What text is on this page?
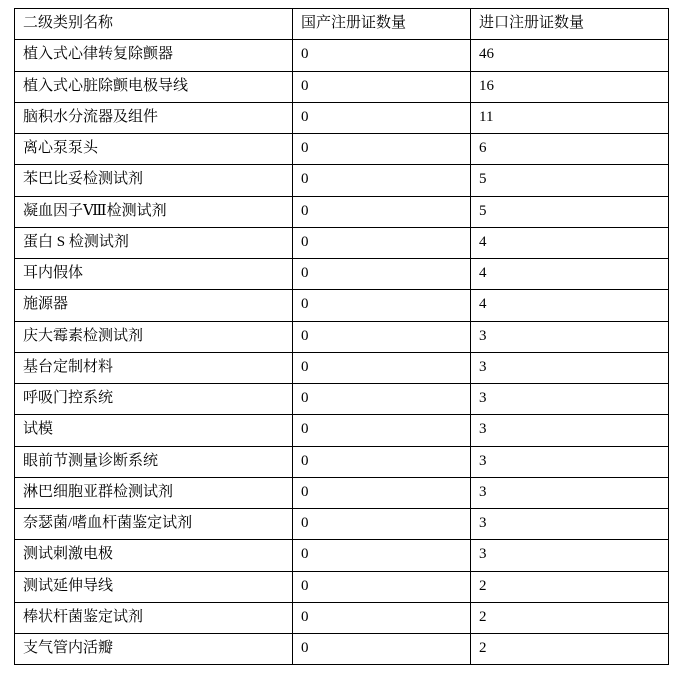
二级类别名称	国产注册证数量	进口注册证数量
植入式心律转复除颤器	0	46
植入式心脏除颤电极导线	0	16
脑积水分流器及组件	0	11
离心泵泵头	0	6
苯巴比妥检测试剂	0	5
凝血因子Ⅷ检测试剂	0	5
蛋白 S 检测试剂	0	4
耳内假体	0	4
施源器	0	4
庆大霉素检测试剂	0	3
基台定制材料	0	3
呼吸门控系统	0	3
试模	0	3
眼前节测量诊断系统	0	3
淋巴细胞亚群检测试剂	0	3
奈瑟菌/嗜血杆菌鉴定试剂	0	3
测试刺激电极	0	3
测试延伸导线	0	2
棒状杆菌鉴定试剂	0	2
支气管内活瓣	0	2
